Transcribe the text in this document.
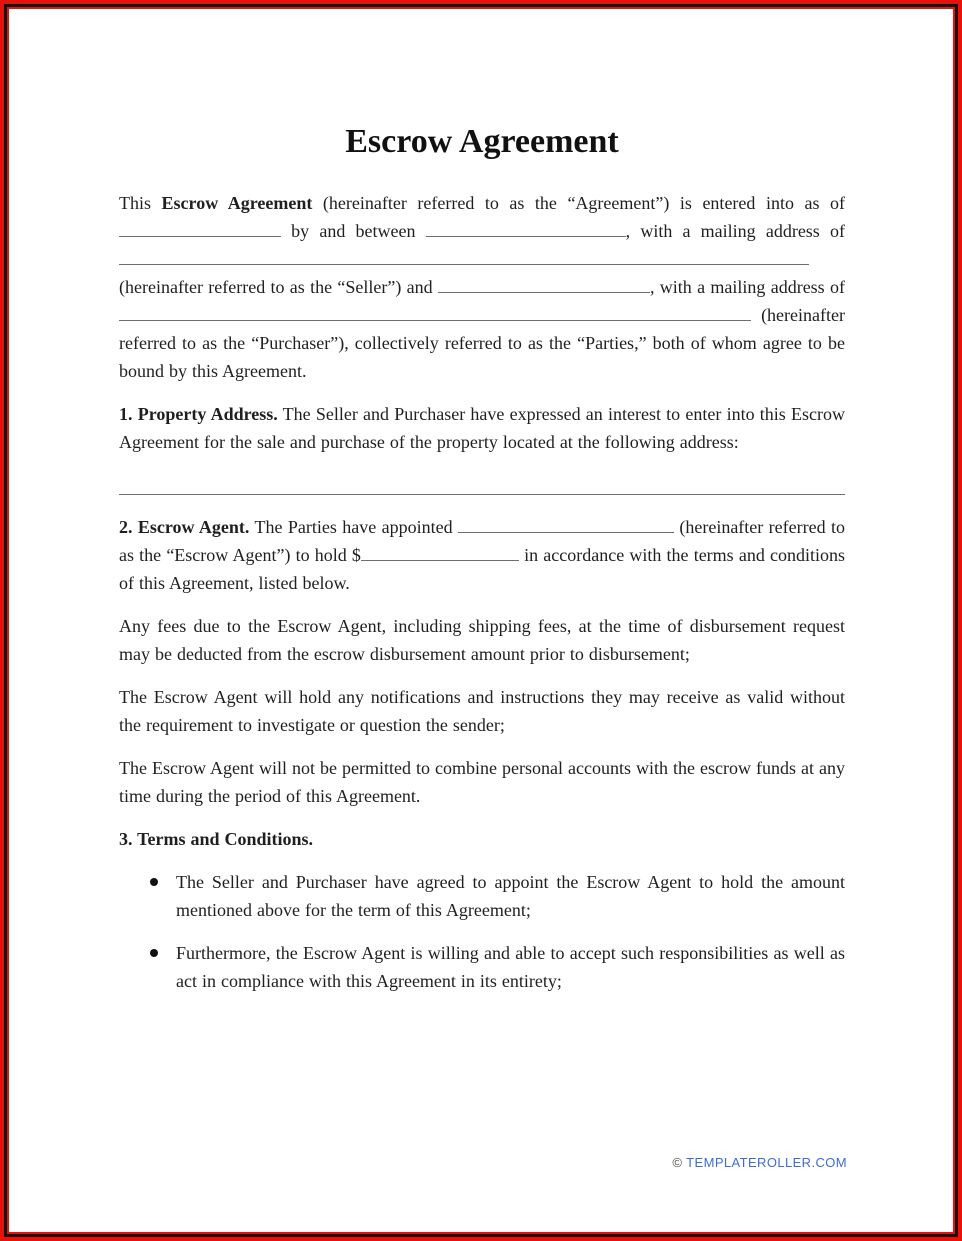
Escrow Agreement

This Escrow Agreement (hereinafter referred to as the “Agreement”) is entered into as of  by and between	, with a mailing address of  (hereinafter referred to as the “Seller”) and	, with a mailing address of  (hereinafter referred to as the “Purchaser”), collectively referred to as the “Parties,” both of whom agree to be bound by this Agreement.

1. Property Address. The Seller and Purchaser have expressed an interest to enter into this Escrow Agreement for the sale and purchase of the property located at the following address:

2. Escrow Agent. The Parties have appointed	(hereinafter referred to as the “Escrow Agent”) to hold $	in accordance with the terms and conditions of this Agreement, listed below.

Any fees due to the Escrow Agent, including shipping fees, at the time of disbursement request may be deducted from the escrow disbursement amount prior to disbursement;

The Escrow Agent will hold any notifications and instructions they may receive as valid without the requirement to investigate or question the sender;

The Escrow Agent will not be permitted to combine personal accounts with the escrow funds at any time during the period of this Agreement.

3. Terms and Conditions.

The Seller and Purchaser have agreed to appoint the Escrow Agent to hold the amount mentioned above for the term of this Agreement;
Furthermore, the Escrow Agent is willing and able to accept such responsibilities as well as act in compliance with this Agreement in its entirety;
© TEMPLATEROLLER.COM
